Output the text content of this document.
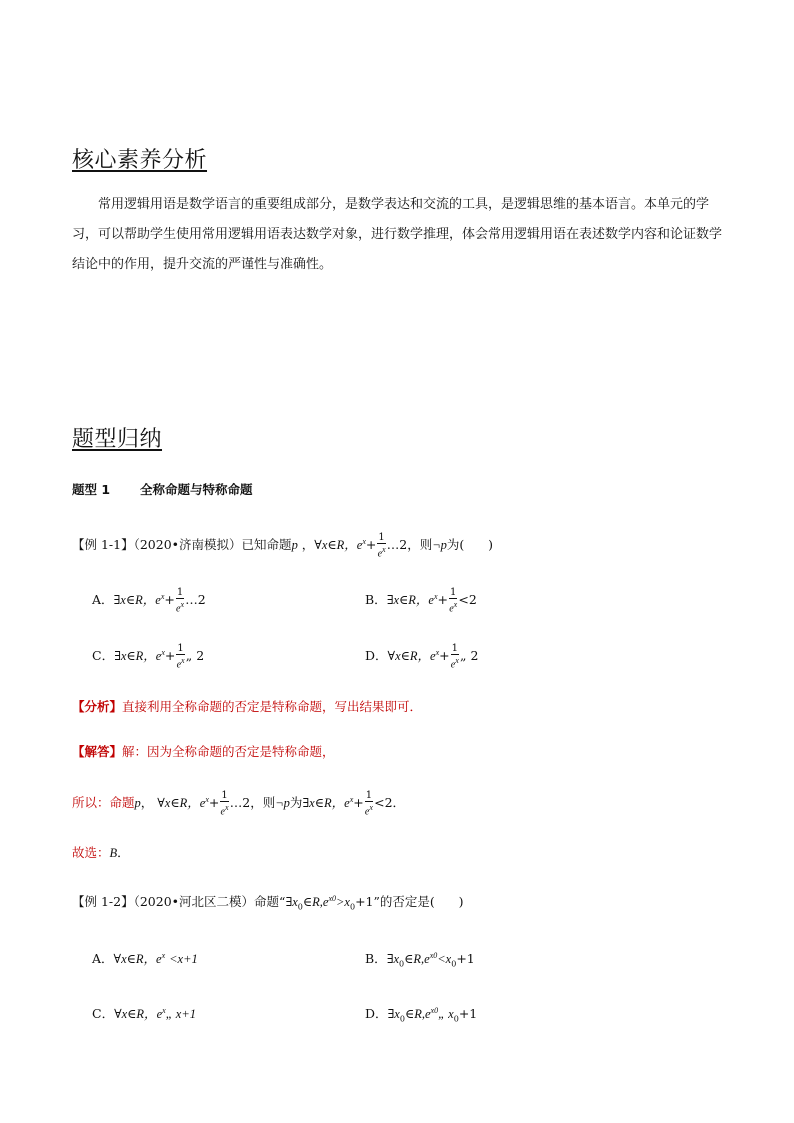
核心素养分析
常用逻辑用语是数学语言的重要组成部分，是数学表达和交流的工具，是逻辑思维的基本语言。本单元的学习，可以帮助学生使用常用逻辑用语表达数学对象，进行数学推理，体会常用逻辑用语在表述数学内容和论证数学结论中的作用，提升交流的严谨性与准确性。
题型归纳
题型 1 全称命题与特称命题
【例 1-1】（2020•济南模拟）已知命题p ，∀x∈R，$e^x+ \frac{1}{e^x}$ …2，则¬p为( )
A．∃x∈R，$e^x+ \frac{1}{e^x}$ …2	B．∃x∈R，$e^x+ \frac{1}{e^x} <2$
C．∃x∈R，$e^x+ \frac{1}{e^x}$ „ 2	D．∀x∈R，$e^x+ \frac{1}{e^x}$ „ 2
【分析】直接利用全称命题的否定是特称命题，写出结果即可．
【解答】解：因为全称命题的否定是特称命题，
所以：命题p， ∀x∈R，$e^x+ \frac{1}{e^x}$ …2，则¬p为∃x∈R，$e^x+ \frac{1}{e^x} <2$．
故选：B．
【例 1-2】（2020•河北区二模）命题“$\exists x_0\in R,e^{x0}>x_0+1$”的否定是( )
A．∀x∈R，$e^x <x+1$	B．$\exists x_0\in R,e^{x0}<x_0+1$
C．∀x∈R，$e^x„$ x+1	D．$\exists x_0\in R,e^{x0}„$ $x_0+1$
